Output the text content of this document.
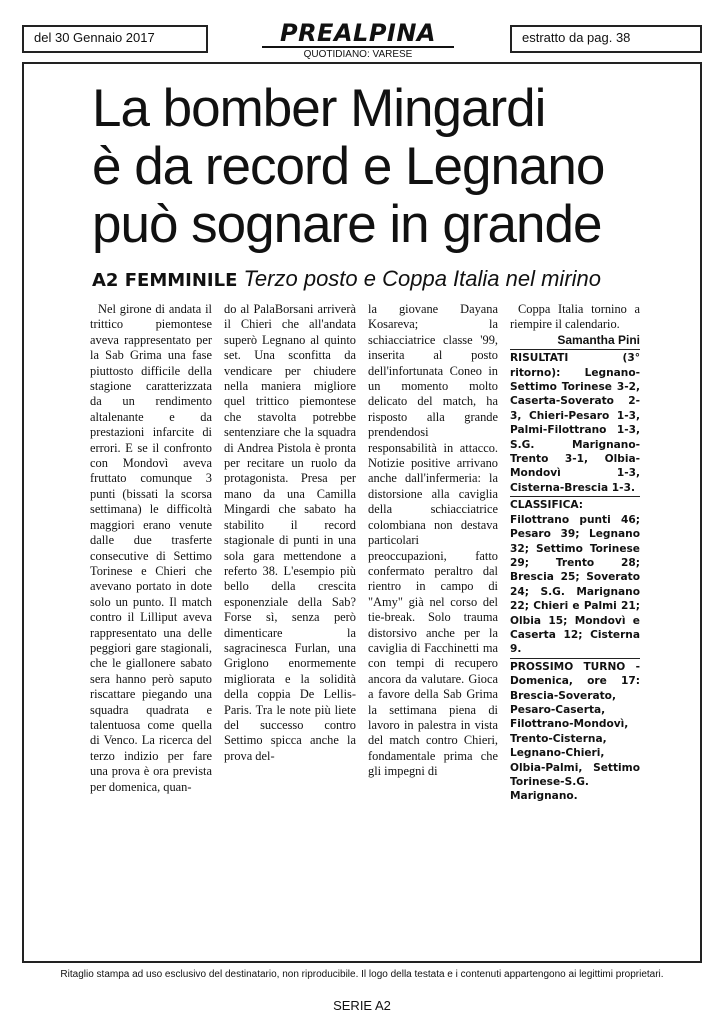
del 30 Gennaio 2017	PREALPINA
QUOTIDIANO: VARESE
estratto da pag. 38
La bomber Mingardi
è da record e Legnano
può sognare in grande
A2 FEMMINILE Terzo posto e Coppa Italia nel mirino

Nel girone di andata il trittico piemontese aveva rappresentato per la Sab Grima una fase piuttosto difficile della stagione caratterizzata da un rendimento altalenante e da prestazioni infarcite di errori. E se il confronto con Mondovì aveva fruttato comunque 3 punti (bissati la scorsa settimana) le difficoltà maggiori erano venute dalle due trasferte consecutive di Settimo Torinese e Chieri che avevano portato in dote solo un punto. Il match contro il Lilliput aveva rappresentato una delle peggiori gare stagionali, che le giallonere sabato sera hanno però saputo riscattare piegando una squadra quadrata e talentuosa come quella di Venco. La ricerca del terzo indizio per fare una prova è ora prevista per domenica, quan-

do al PalaBorsani arriverà il Chieri che all'andata superò Legnano al quinto set. Una sconfitta da vendicare per chiudere nella maniera migliore quel trittico piemontese che stavolta potrebbe sentenziare che la squadra di Andrea Pistola è pronta per recitare un ruolo da protagonista. Presa per mano da una Camilla Mingardi che sabato ha stabilito il record stagionale di punti in una sola gara mettendone a referto 38. L'esempio più bello della crescita esponenziale della Sab? Forse sì, senza però dimenticare la sagracinesca Furlan, una Griglono enormemente migliorata e la solidità della coppia De Lellis-Paris. Tra le note più liete del successo contro Settimo spicca anche la prova del-

la giovane Dayana Kosareva; la schiacciatrice classe '99, inserita al posto dell'infortunata Coneo in un momento molto delicato del match, ha risposto alla grande prendendosi responsabilità in attacco. Notizie positive arrivano anche dall'infermeria: la distorsione alla caviglia della schiacciatrice colombiana non destava particolari preoccupazioni, fatto confermato peraltro dal rientro in campo di "Amy" già nel corso del tie-break. Solo trauma distorsivo anche per la caviglia di Facchinetti ma con tempi di recupero ancora da valutare. Gioca a favore della Sab Grima la settimana piena di lavoro in palestra in vista del match contro Chieri, fondamentale prima che gli impegni di

Coppa Italia tornino a riempire il calendario.

Samantha Pini

RISULTATI (3° ritorno): Legnano-Settimo Torinese 3-2, Caserta-Soverato 2-3, Chieri-Pesaro 1-3, Palmi-Filottrano 1-3, S.G. Marignano-Trento 3-1, Olbia-Mondovì 1-3, Cisterna-Brescia 1-3.
CLASSIFICA: Filottrano punti 46; Pesaro 39; Legnano 32; Settimo Torinese 29; Trento 28; Brescia 25; Soverato 24; S.G. Marignano 22; Chieri e Palmi 21; Olbia 15; Mondovì e Caserta 12; Cisterna 9.
PROSSIMO TURNO - Domenica, ore 17: Brescia-Soverato, Pesaro-Caserta, Filottrano-Mondovì, Trento-Cisterna, Legnano-Chieri, Olbia-Palmi, Settimo Torinese-S.G. Marignano.
Ritaglio stampa ad uso esclusivo del destinatario, non riproducibile. Il logo della testata e i contenuti appartengono ai legittimi proprietari.
SERIE A2
